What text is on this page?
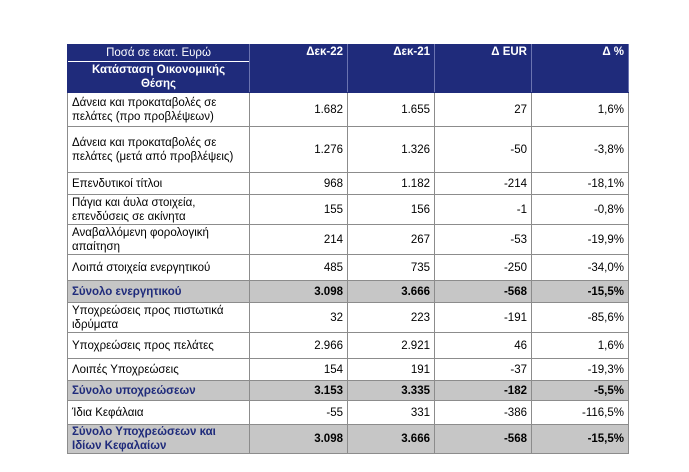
Ποσά σε εκατ. Ευρώ
Κατάσταση Οικονομικής Θέσης	Δεκ-22	Δεκ-21	Δ EUR	Δ %
Δάνεια και προκαταβολές σε πελάτες (προ προβλέψεων)	1.682	1.655	27	1,6%
Δάνεια και προκαταβολές σε πελάτες (μετά από προβλέψεις)	1.276	1.326	-50	-3,8%
Επενδυτικοί τίτλοι	968	1.182	-214	-18,1%
Πάγια και άυλα στοιχεία, επενδύσεις σε ακίνητα	155	156	-1	-0,8%
Αναβαλλόμενη φορολογική απαίτηση	214	267	-53	-19,9%
Λοιπά στοιχεία ενεργητικού	485	735	-250	-34,0%
Σύνολο ενεργητικού	3.098	3.666	-568	-15,5%
Υποχρεώσεις προς πιστωτικά ιδρύματα	32	223	-191	-85,6%
Υποχρεώσεις προς πελάτες	2.966	2.921	46	1,6%
Λοιπές Υποχρεώσεις	154	191	-37	-19,3%
Σύνολο υποχρεώσεων	3.153	3.335	-182	-5,5%
Ίδια Κεφάλαια	-55	331	-386	-116,5%
Σύνολο Υποχρεώσεων και Ιδίων Κεφαλαίων	3.098	3.666	-568	-15,5%
